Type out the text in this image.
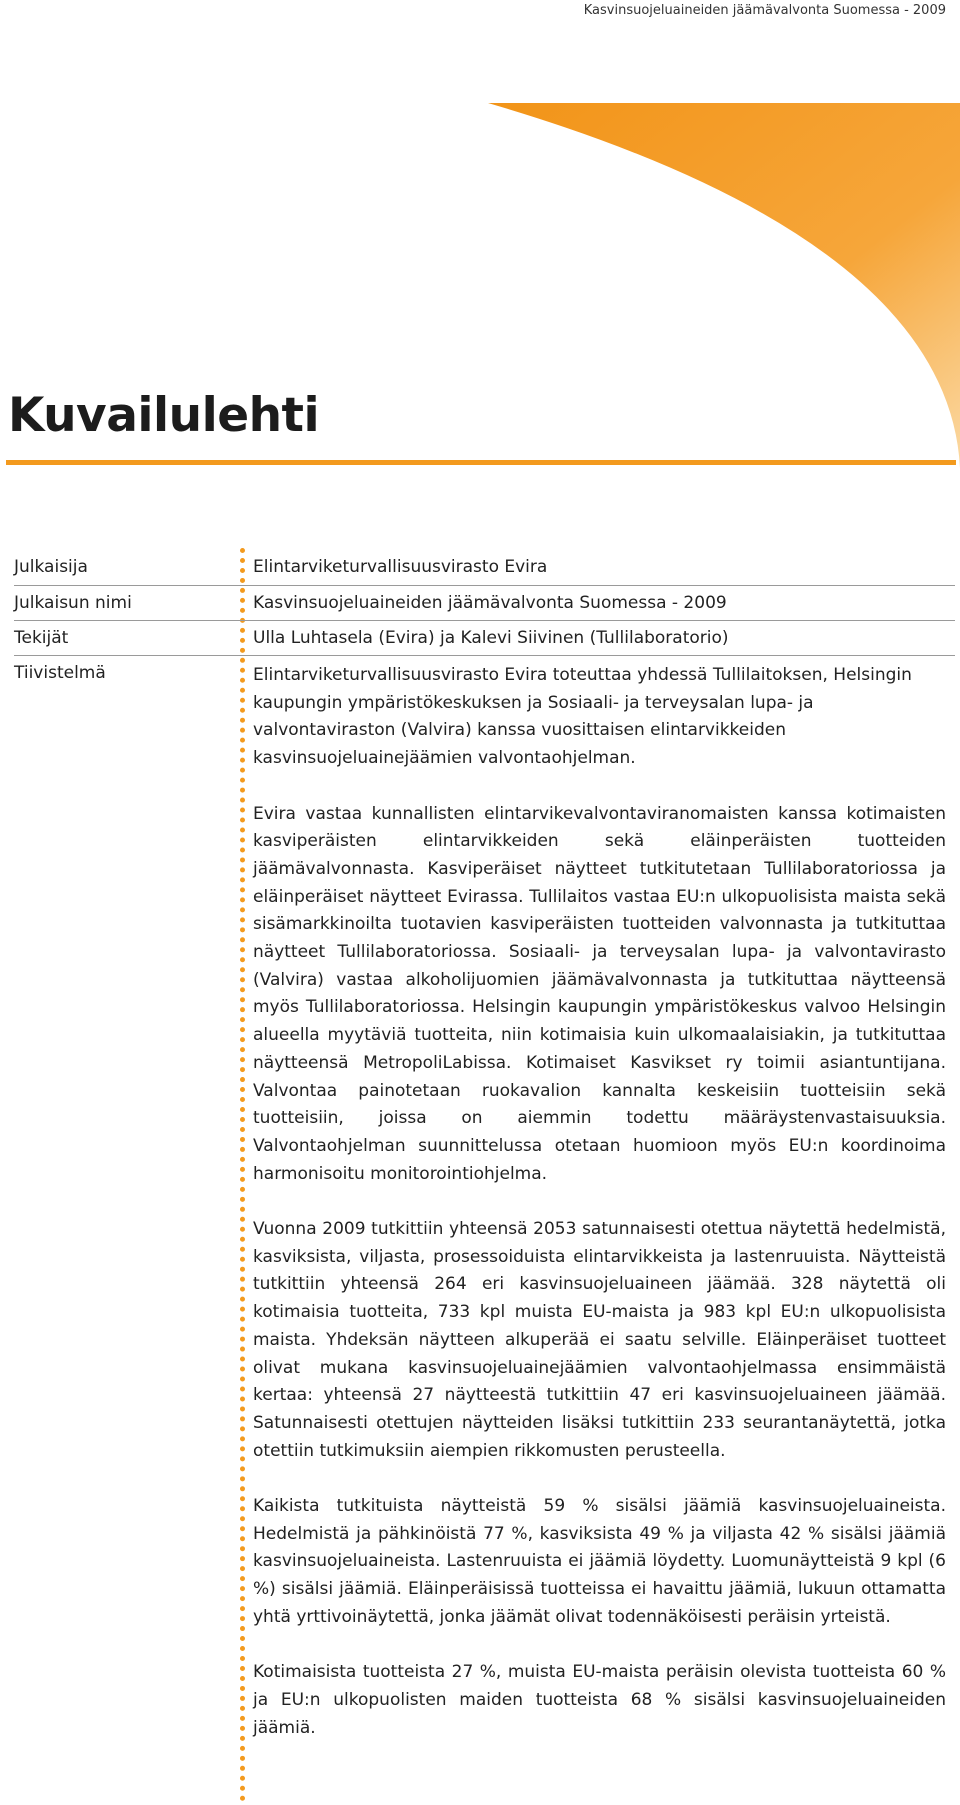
Kasvinsuojeluaineiden jäämävalvonta Suomessa - 2009
Kuvailulehti
Julkaisija	Elintarviketurvallisuusvirasto Evira
Julkaisun nimi	Kasvinsuojeluaineiden jäämävalvonta Suomessa - 2009
Tekijät	Ulla Luhtasela (Evira) ja Kalevi Siivinen (Tullilaboratorio)
Tiivistelmä	Elintarviketurvallisuusvirasto Evira toteuttaa yhdessä Tullilaitoksen, Helsingin kaupungin ympäristökeskuksen ja Sosiaali- ja terveysalan lupa- ja valvontaviraston (Valvira) kanssa vuosittaisen elintarvikkeiden kasvinsuojeluainejäämien valvontaohjelman.

Evira vastaa kunnallisten elintarvikevalvontaviranomaisten kanssa kotimaisten kasviperäisten elintarvikkeiden sekä eläinperäisten tuotteiden jäämävalvonnasta. Kasviperäiset näytteet tutkitutetaan Tullilaboratoriossa ja eläinperäiset näytteet Evirassa. Tullilaitos vastaa EU:n ulkopuolisista maista sekä sisämarkkinoilta tuotavien kasviperäisten tuotteiden valvonnasta ja tutkituttaa näytteet Tullilaboratoriossa. Sosiaali- ja terveysalan lupa- ja valvontavirasto (Valvira) vastaa alkoholijuomien jäämävalvonnasta ja tutkituttaa näytteensä myös Tullilaboratoriossa. Helsingin kaupungin ympäristökeskus valvoo Helsingin alueella myytäviä tuotteita, niin kotimaisia kuin ulkomaalaisiakin, ja tutkituttaa näytteensä MetropoliLabissa. Kotimaiset Kasvikset ry toimii asiantuntijana. Valvontaa painotetaan ruokavalion kannalta keskeisiin tuotteisiin sekä tuotteisiin, joissa on aiemmin todettu määräystenvastaisuuksia. Valvontaohjelman suunnittelussa otetaan huomioon myös EU:n koordinoima harmonisoitu monitorointiohjelma.

Vuonna 2009 tutkittiin yhteensä 2053 satunnaisesti otettua näytettä hedelmistä, kasviksista, viljasta, prosessoiduista elintarvikkeista ja lastenruuista. Näytteistä tutkittiin yhteensä 264 eri kasvinsuojeluaineen jäämää. 328 näytettä oli kotimaisia tuotteita, 733 kpl muista EU-maista ja 983 kpl EU:n ulkopuolisista maista. Yhdeksän näytteen alkuperää ei saatu selville. Eläinperäiset tuotteet olivat mukana kasvinsuojeluainejäämien valvontaohjelmassa ensimmäistä kertaa: yhteensä 27 näytteestä tutkittiin 47 eri kasvinsuojeluaineen jäämää. Satunnaisesti otettujen näytteiden lisäksi tutkittiin 233 seurantanäytettä, jotka otettiin tutkimuksiin aiempien rikkomusten perusteella.

Kaikista tutkituista näytteistä 59 % sisälsi jäämiä kasvinsuojeluaineista. Hedelmistä ja pähkinöistä 77 %, kasviksista 49 % ja viljasta 42 % sisälsi jäämiä kasvinsuojeluaineista. Lastenruuista ei jäämiä löydetty. Luomunäytteistä 9 kpl (6 %) sisälsi jäämiä. Eläinperäisissä tuotteissa ei havaittu jäämiä, lukuun ottamatta yhtä yrttivoinäytettä, jonka jäämät olivat todennäköisesti peräisin yrteistä.

Kotimaisista tuotteista 27 %, muista EU-maista peräisin olevista tuotteista 60 % ja EU:n ulkopuolisten maiden tuotteista 68 % sisälsi kasvinsuojeluaineiden jäämiä.
